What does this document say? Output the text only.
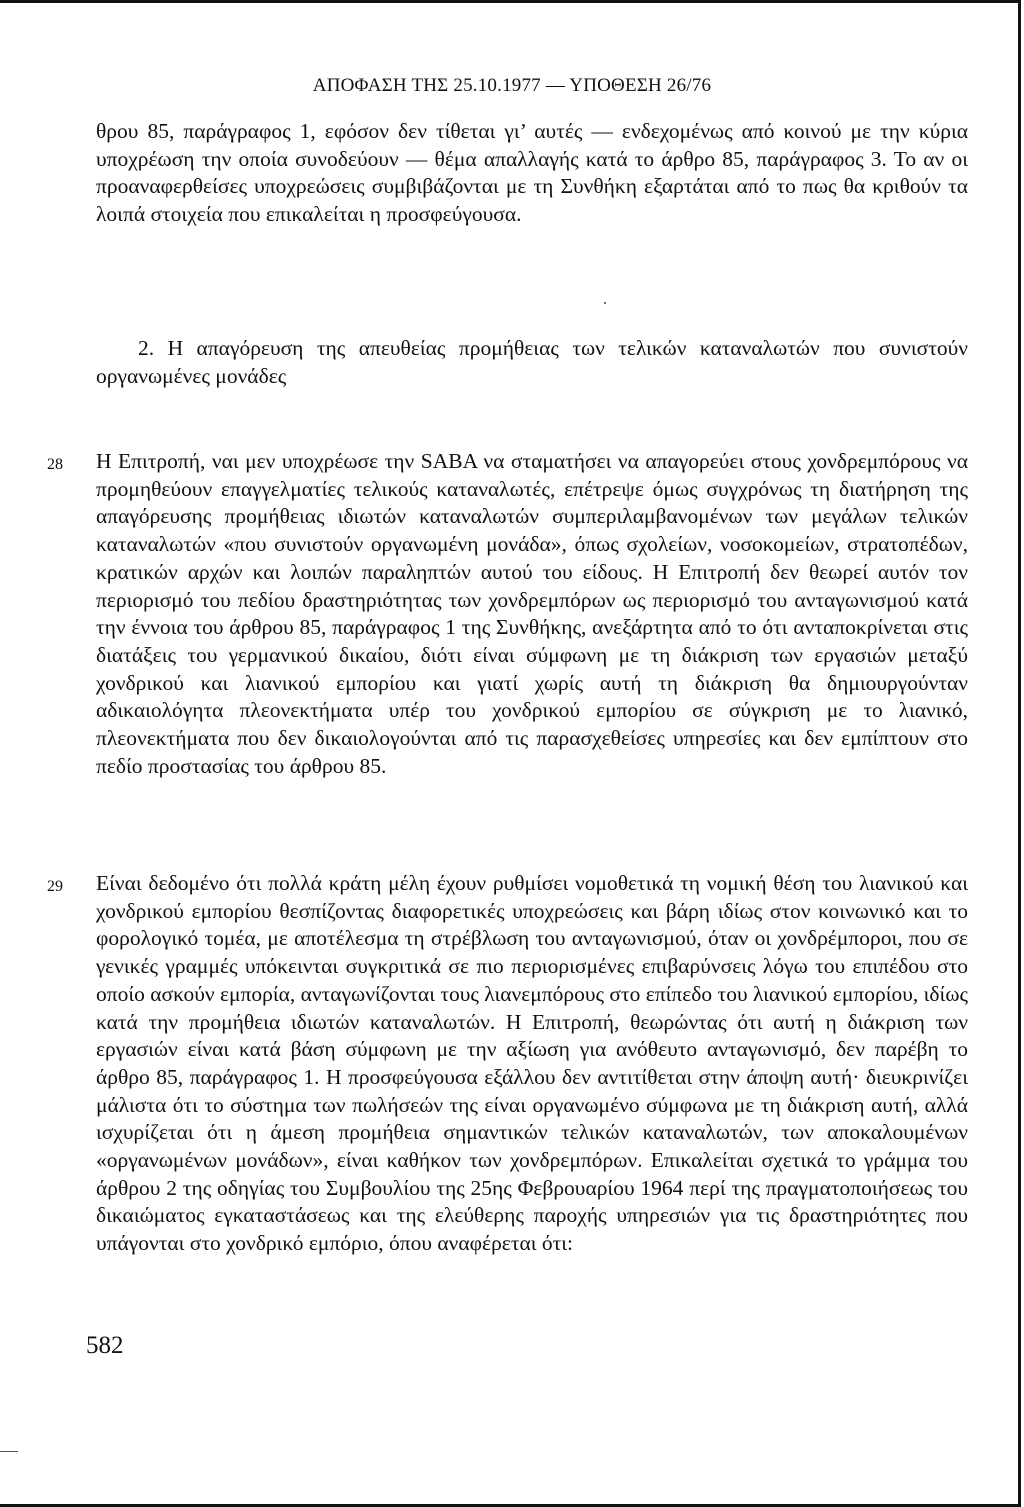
ΑΠΟΦΑΣΗ ΤΗΣ 25.10.1977 — ΥΠΟΘΕΣΗ 26/76

θρου 85, παράγραφος 1, εφόσον δεν τίθεται γι’ αυτές — ενδεχομένως από κοινού με την κύρια υποχρέωση την οποία συνοδεύουν — θέμα απαλλαγής κατά το άρθρο 85, παράγραφος 3. Το αν οι προαναφερθείσες υποχρεώσεις συμβιβάζονται με τη Συνθήκη εξαρτάται από το πως θα κριθούν τα λοιπά στοιχεία που επικαλείται η προσφεύγουσα.

2. Η απαγόρευση της απευθείας προμήθειας των τελικών καταναλωτών που συνιστούν οργανωμένες μονάδες

28 Η Επιτροπή, ναι μεν υποχρέωσε την SABA να σταματήσει να απαγορεύει στους χονδρεμπόρους να προμηθεύουν επαγγελματίες τελικούς καταναλωτές, επέτρεψε όμως συγχρόνως τη διατήρηση της απαγόρευσης προμήθειας ιδιωτών καταναλωτών συμπεριλαμβανομένων των μεγάλων τελικών καταναλωτών «που συνιστούν οργανωμένη μονάδα», όπως σχολείων, νοσοκομείων, στρατοπέδων, κρατικών αρχών και λοιπών παραληπτών αυτού του είδους. Η Επιτροπή δεν θεωρεί αυτόν τον περιορισμό του πεδίου δραστηριότητας των χονδρεμπόρων ως περιορισμό του ανταγωνισμού κατά την έννοια του άρθρου 85, παράγραφος 1 της Συνθήκης, ανεξάρτητα από το ότι ανταποκρίνεται στις διατάξεις του γερμανικού δικαίου, διότι είναι σύμφωνη με τη διάκριση των εργασιών μεταξύ χονδρικού και λιανικού εμπορίου και γιατί χωρίς αυτή τη διάκριση θα δημιουργούνταν αδικαιολόγητα πλεονεκτήματα υπέρ του χονδρικού εμπορίου σε σύγκριση με το λιανικό, πλεονεκτήματα που δεν δικαιολογούνται από τις παρασχεθείσες υπηρεσίες και δεν εμπίπτουν στο πεδίο προστασίας του άρθρου 85.

29 Είναι δεδομένο ότι πολλά κράτη μέλη έχουν ρυθμίσει νομοθετικά τη νομική θέση του λιανικού και χονδρικού εμπορίου θεσπίζοντας διαφορετικές υποχρεώσεις και βάρη ιδίως στον κοινωνικό και το φορολογικό τομέα, με αποτέλεσμα τη στρέβλωση του ανταγωνισμού, όταν οι χονδρέμποροι, που σε γενικές γραμμές υπόκεινται συγκριτικά σε πιο περιορισμένες επιβαρύνσεις λόγω του επιπέδου στο οποίο ασκούν εμπορία, ανταγωνίζονται τους λιανεμπόρους στο επίπεδο του λιανικού εμπορίου, ιδίως κατά την προμήθεια ιδιωτών καταναλωτών. Η Επιτροπή, θεωρώντας ότι αυτή η διάκριση των εργασιών είναι κατά βάση σύμφωνη με την αξίωση για ανόθευτο ανταγωνισμό, δεν παρέβη το άρθρο 85, παράγραφος 1. Η προσφεύγουσα εξάλλου δεν αντιτίθεται στην άποψη αυτή· διευκρινίζει μάλιστα ότι το σύστημα των πωλήσεών της είναι οργανωμένο σύμφωνα με τη διάκριση αυτή, αλλά ισχυρίζεται ότι η άμεση προμήθεια σημαντικών τελικών καταναλωτών, των αποκαλουμένων «οργανωμένων μονάδων», είναι καθήκον των χονδρεμπόρων. Επικαλείται σχετικά το γράμμα του άρθρου 2 της οδηγίας του Συμβουλίου της 25ης Φεβρουαρίου 1964 περί της πραγματοποιήσεως του δικαιώματος εγκαταστάσεως και της ελεύθερης παροχής υπηρεσιών για τις δραστηριότητες που υπάγονται στο χονδρικό εμπόριο, όπου αναφέρεται ότι:

582
